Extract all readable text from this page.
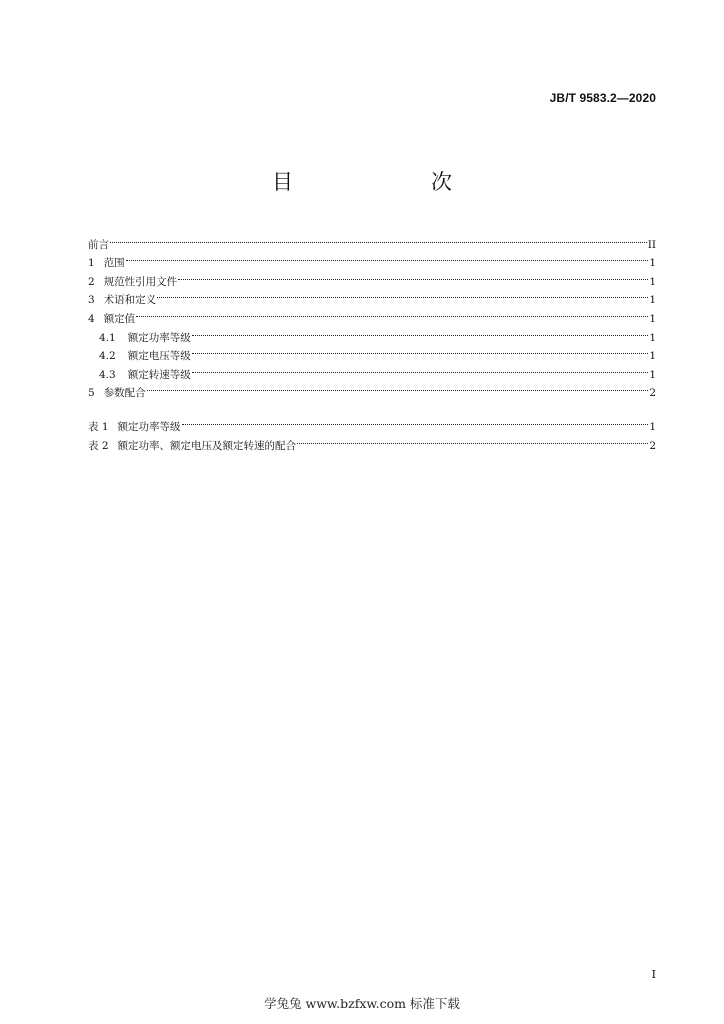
JB/T 9583.2—2020
目　　次
前言	II
1 范围	1
2 规范性引用文件	1
3 术语和定义	1
4 额定值	1
4.1 额定功率等级	1
4.2 额定电压等级	1
4.3 额定转速等级	1
5 参数配合	2
表 1 额定功率等级	1
表 2 额定功率、额定电压及额定转速的配合	2
I
学兔兔 www.bzfxw.com 标准下载
